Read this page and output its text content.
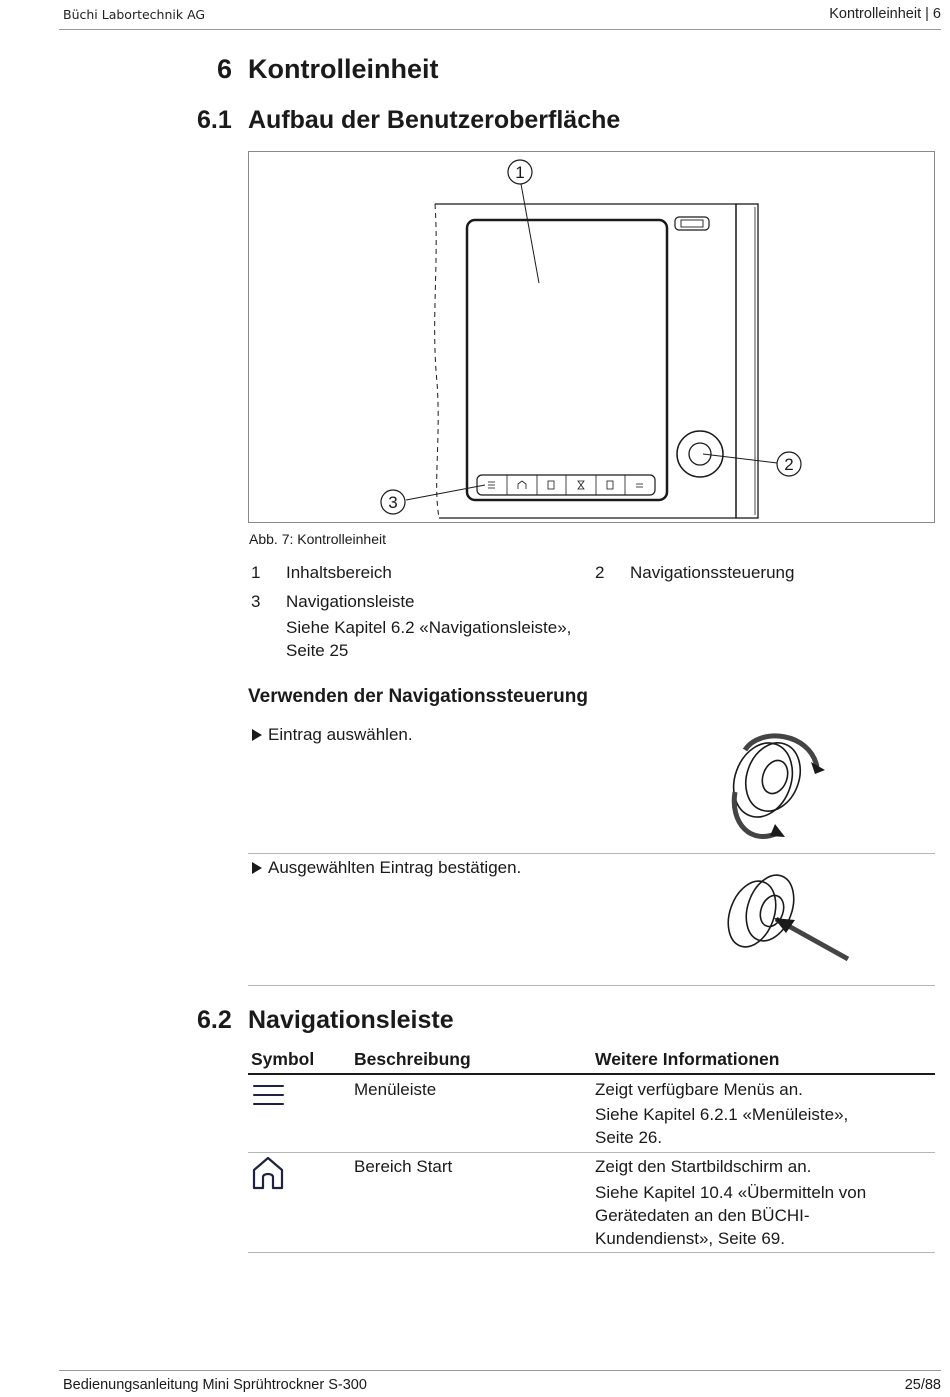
Büchi Labortechnik AG	Kontrolleinheit | 6
6 Kontrolleinheit
6.1 Aufbau der Benutzeroberfläche
1
2
3
Abb. 7: Kontrolleinheit
1 Inhaltsbereich	2 Navigationssteuerung
3 Navigationsleiste
Siehe Kapitel 6.2 «Navigationsleiste»,
Seite 25
Verwenden der Navigationssteuerung
Eintrag auswählen.
Ausgewählten Eintrag bestätigen.
6.2 Navigationsleiste
Symbol Beschreibung	Weitere Informationen
Menüleiste	Zeigt verfügbare Menüs an.
Siehe Kapitel 6.2.1 «Menüleiste»,
Seite 26.
Bereich Start	Zeigt den Startbildschirm an.
Siehe Kapitel 10.4 «Übermitteln von
Gerätedaten an den BÜCHI-
Kundendienst», Seite 69.
Bedienungsanleitung Mini Sprühtrockner S-300	25/88
